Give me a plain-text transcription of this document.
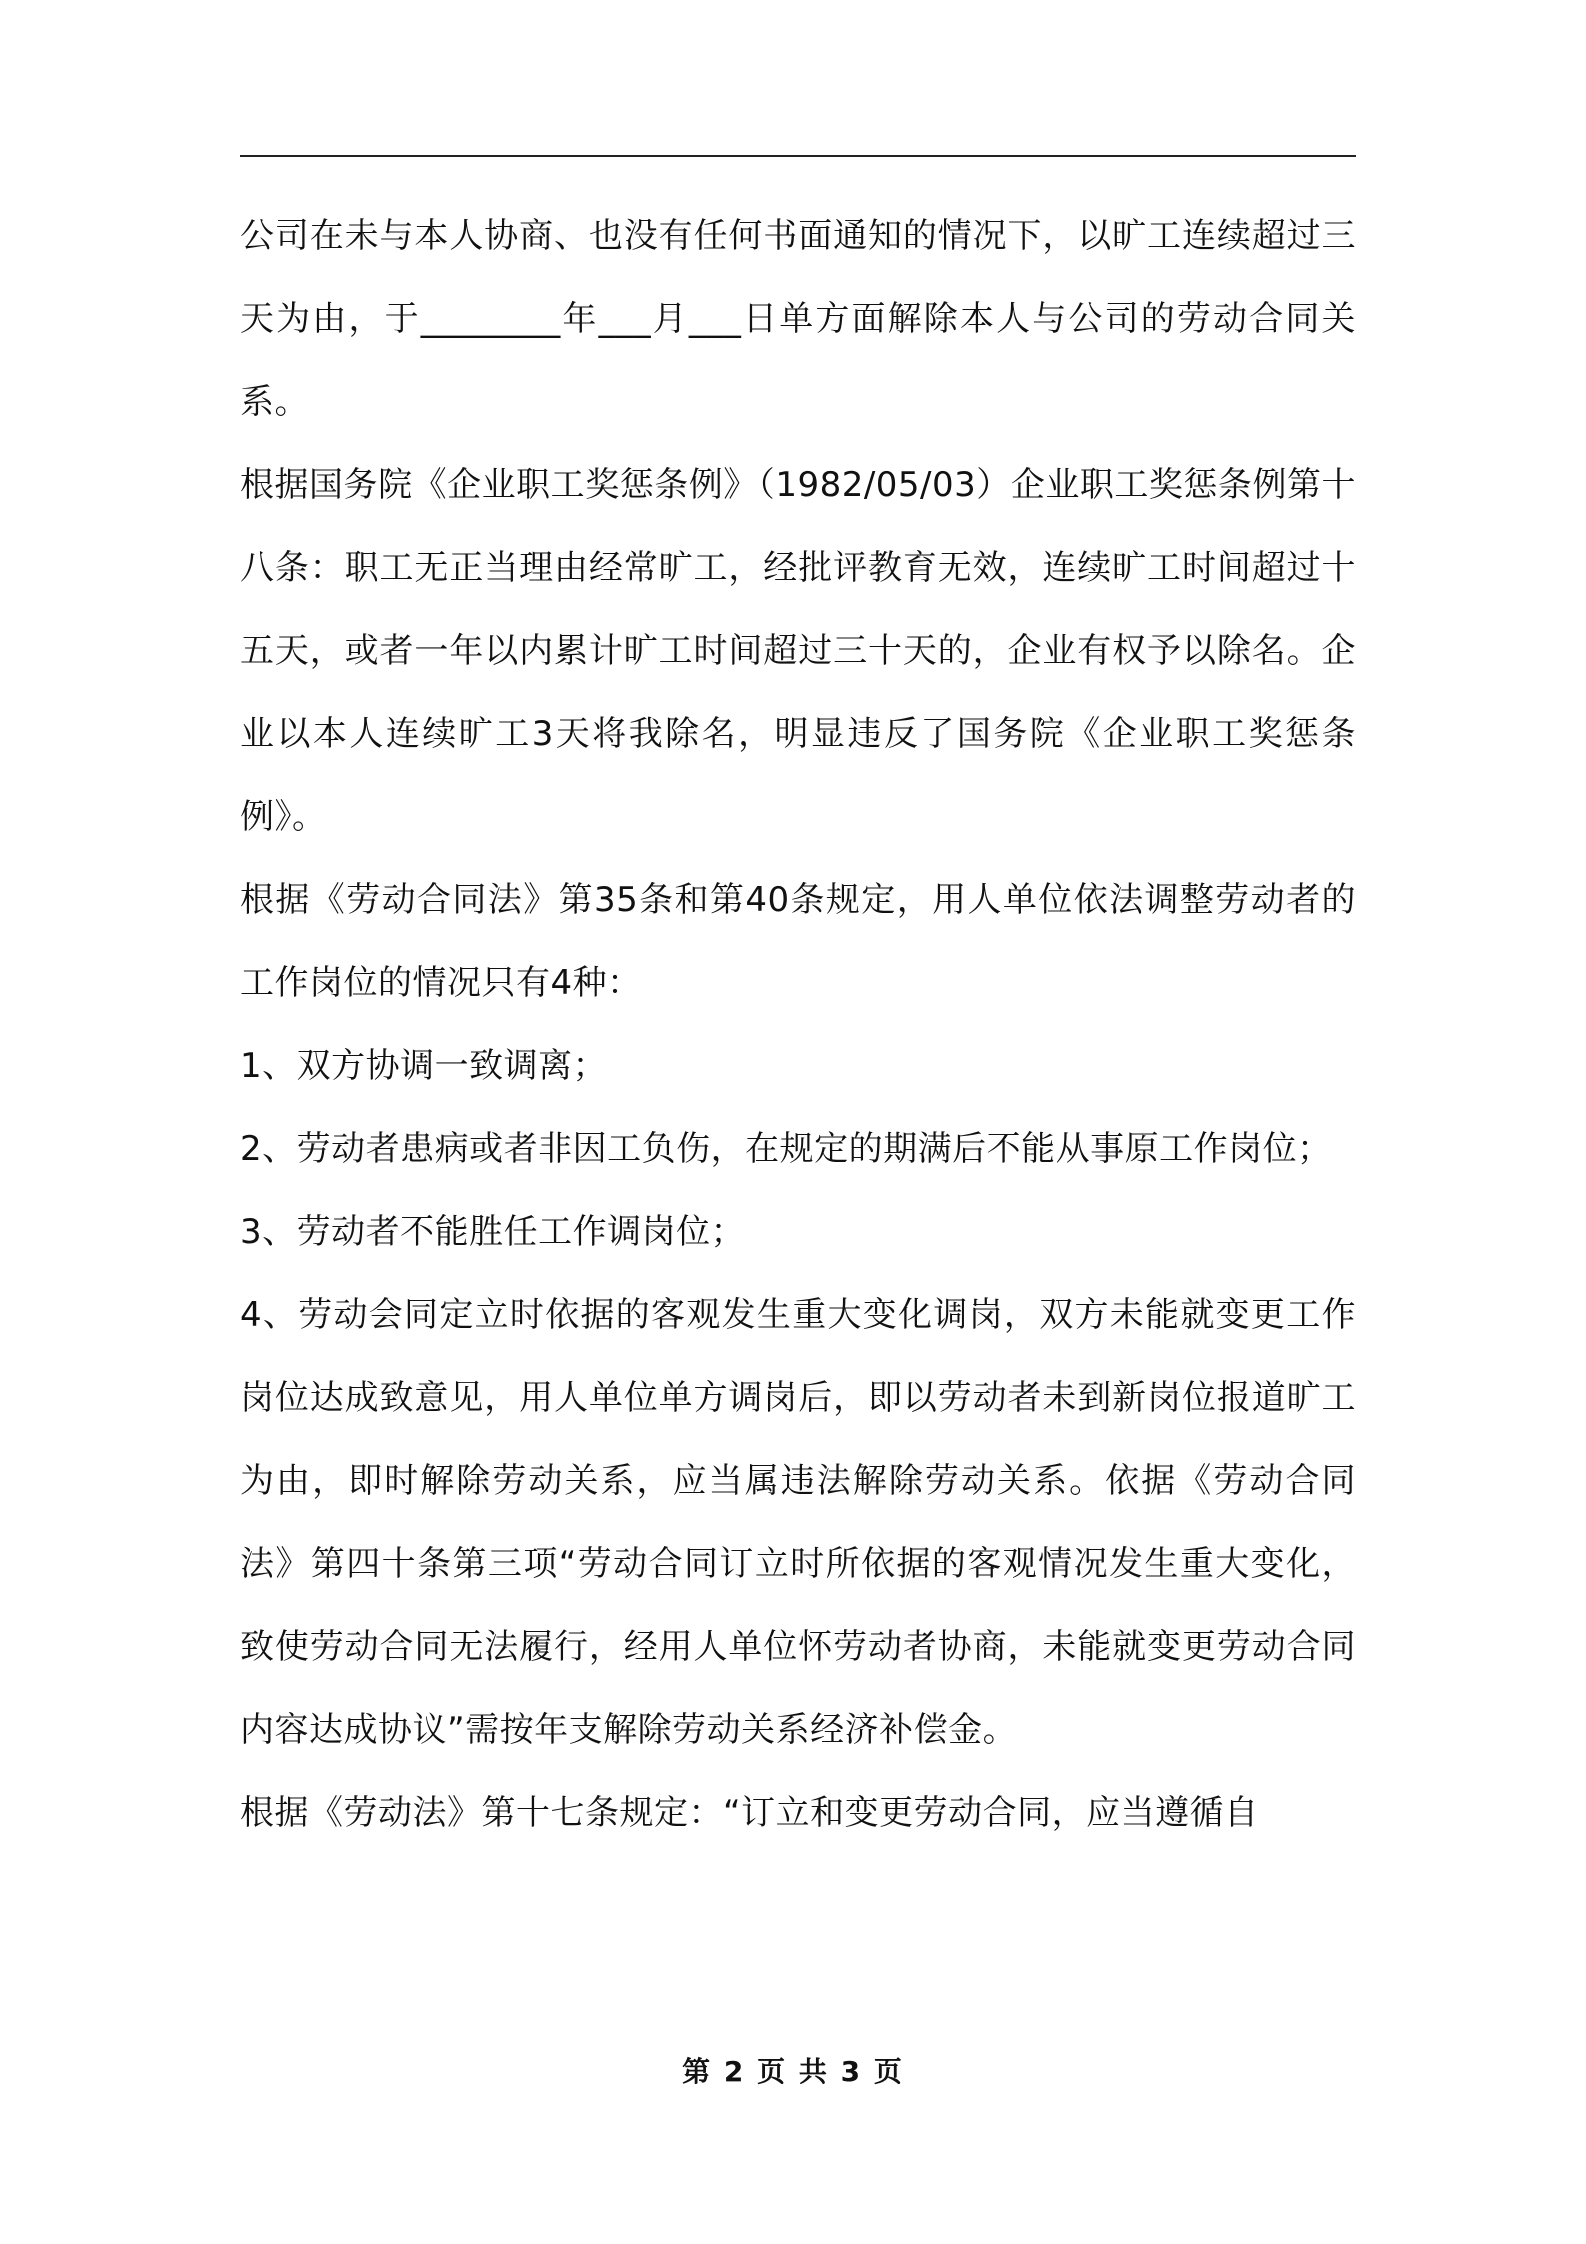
公司在未与本人协商、也没有任何书面通知的情况下，以旷工连续超过三天为由，于________年___月___日单方面解除本人与公司的劳动合同关系。

根据国务院《企业职工奖惩条例》（1982/05/03）企业职工奖惩条例第十八条：职工无正当理由经常旷工，经批评教育无效，连续旷工时间超过十五天，或者一年以内累计旷工时间超过三十天的，企业有权予以除名。企业以本人连续旷工3天将我除名，明显违反了国务院《企业职工奖惩条例》。

根据《劳动合同法》第35条和第40条规定，用人单位依法调整劳动者的工作岗位的情况只有4种：

1、双方协调一致调离；

2、劳动者患病或者非因工负伤，在规定的期满后不能从事原工作岗位；

3、劳动者不能胜任工作调岗位；

4、劳动会同定立时依据的客观发生重大变化调岗，双方未能就变更工作岗位达成致意见，用人单位单方调岗后，即以劳动者未到新岗位报道旷工为由，即时解除劳动关系，应当属违法解除劳动关系。依据《劳动合同法》第四十条第三项“劳动合同订立时所依据的客观情况发生重大变化，致使劳动合同无法履行，经用人单位怀劳动者协商，未能就变更劳动合同内容达成协议”需按年支解除劳动关系经济补偿金。

根据《劳动法》第十七条规定：“订立和变更劳动合同，应当遵循自

第 2 页 共 3 页
